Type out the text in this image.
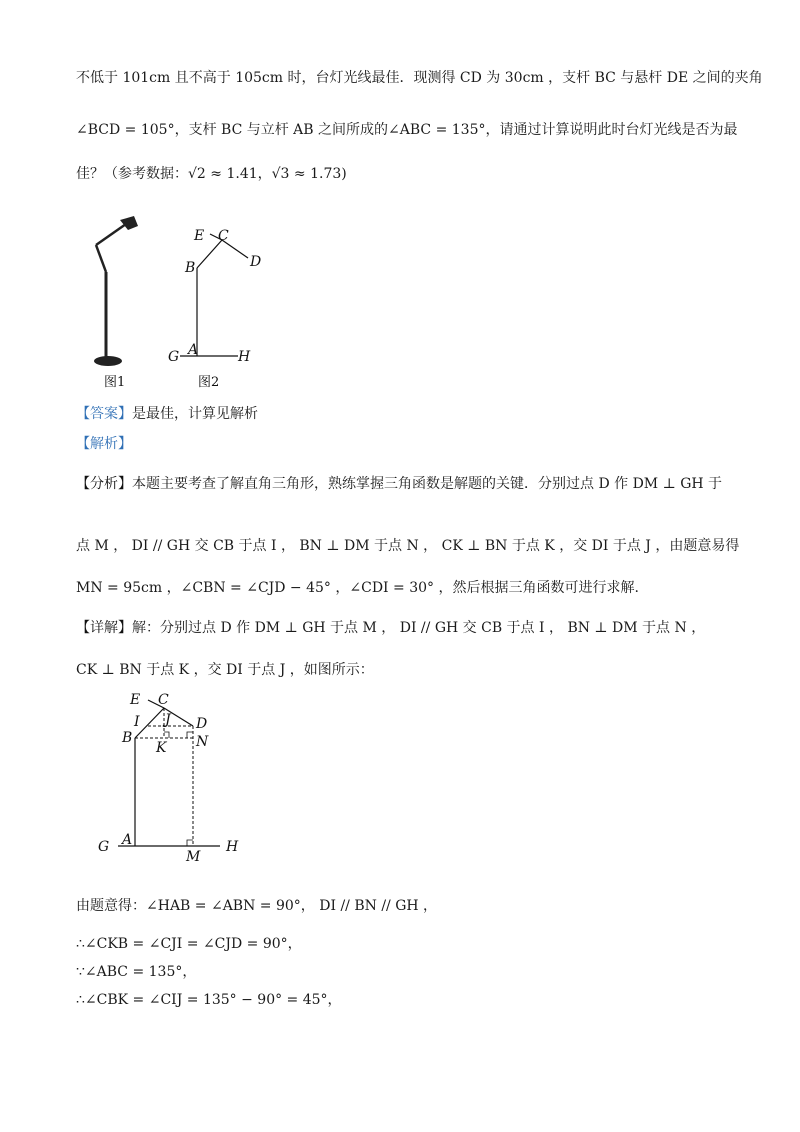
不低于 101cm 且不高于 105cm 时，台灯光线最佳．现测得 CD 为 30cm ，支杆 BC 与悬杆 DE 之间的夹角
∠BCD = 105°，支杆 BC 与立杆 AB 之间所成的∠ABC = 135°，请通过计算说明此时台灯光线是否为最
佳？（参考数据：√2 ≈ 1.41，√3 ≈ 1.73)
图1
E C
D
B
G A	H
图2
【答案】是最佳，计算见解析
【解析】
【分析】本题主要考查了解直角三角形，熟练掌握三角函数是解题的关键．分别过点 D 作 DM ⊥ GH 于
点 M ， DI // GH 交 CB 于点 I ， BN ⊥ DM 于点 N ， CK ⊥ BN 于点 K ，交 DI 于点 J ，由题意易得
MN = 95cm ，∠CBN = ∠CJD − 45° ，∠CDI = 30° ，然后根据三角函数可进行求解.
【详解】解：分别过点 D 作 DM ⊥ GH 于点 M ， DI // GH 交 CB 于点 I ， BN ⊥ DM 于点 N ，
CK ⊥ BN 于点 K ，交 DI 于点 J ，如图所示：
E C
I J D
B
K N
G A
M
H
由题意得：∠HAB = ∠ABN = 90°， DI // BN // GH ，
∴∠CKB = ∠CJI = ∠CJD = 90°，
∵∠ABC = 135°，
∴∠CBK = ∠CIJ = 135° − 90° = 45°，
